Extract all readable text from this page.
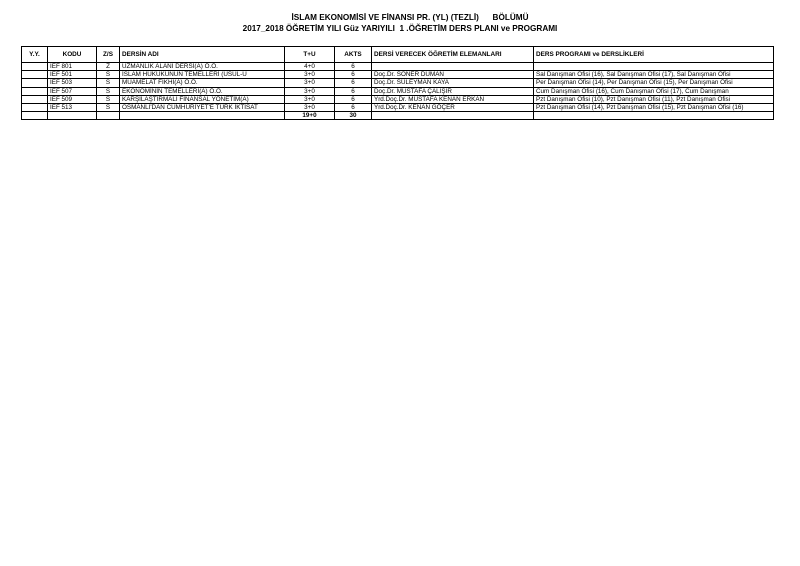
İSLAM EKONOMİSİ VE FİNANSI PR. (YL) (TEZLİ)      BÖLÜMÜ
2017_2018 ÖĞRETİM YILI Güz YARIYILI  1 .ÖĞRETİM DERS PLANI ve PROGRAMI
Y.Y.	KODU	Z/S	DERSİN ADI	T+U	AKTS	DERSİ VERECEK ÖĞRETİM ELEMANLARI	DERS PROGRAMI ve DERSLİKLERİ
	IEF 801	Z	UZMANLIK ALANI DERSİ(A) Ö.Ö.	4+0	6		
	IEF 501	S	İSLAM HUKUKUNUN TEMELLERİ (USUL-U	3+0	6	Doç.Dr. SONER DUMAN	Sal Danışman Ofisi (16), Sal Danışman Ofisi (17), Sal Danışman Ofisi
	IEF 503	S	MUAMELAT FIKHI(A) Ö.Ö.	3+0	6	Doç.Dr. SÜLEYMAN KAYA	Per Danışman Ofisi (14), Per Danışman Ofisi (15), Per Danışman Ofisi
	IEF 507	S	EKONOMİNİN TEMELLERİ(A) Ö.Ö.	3+0	6	Doç.Dr. MUSTAFA ÇALIŞIR	Cum Danışman Ofisi (16), Cum Danışman Ofisi (17), Cum Danışman
	IEF 509	S	KARŞILAŞTIRMALI FİNANSAL YÖNETİM(A)	3+0	6	Yrd.Doç.Dr. MUSTAFA KENAN ERKAN	Pzt Danışman Ofisi (10), Pzt Danışman Ofisi (11), Pzt Danışman Ofisi
	IEF 513	S	OSMANLI'DAN CUMHURİYET'E TÜRK İKTİSAT	3+0	6	Yrd.Doç.Dr. KENAN GÖÇER	Pzt Danışman Ofisi (14), Pzt Danışman Ofisi (15), Pzt Danışman Ofisi (16)
				19+0	30		
